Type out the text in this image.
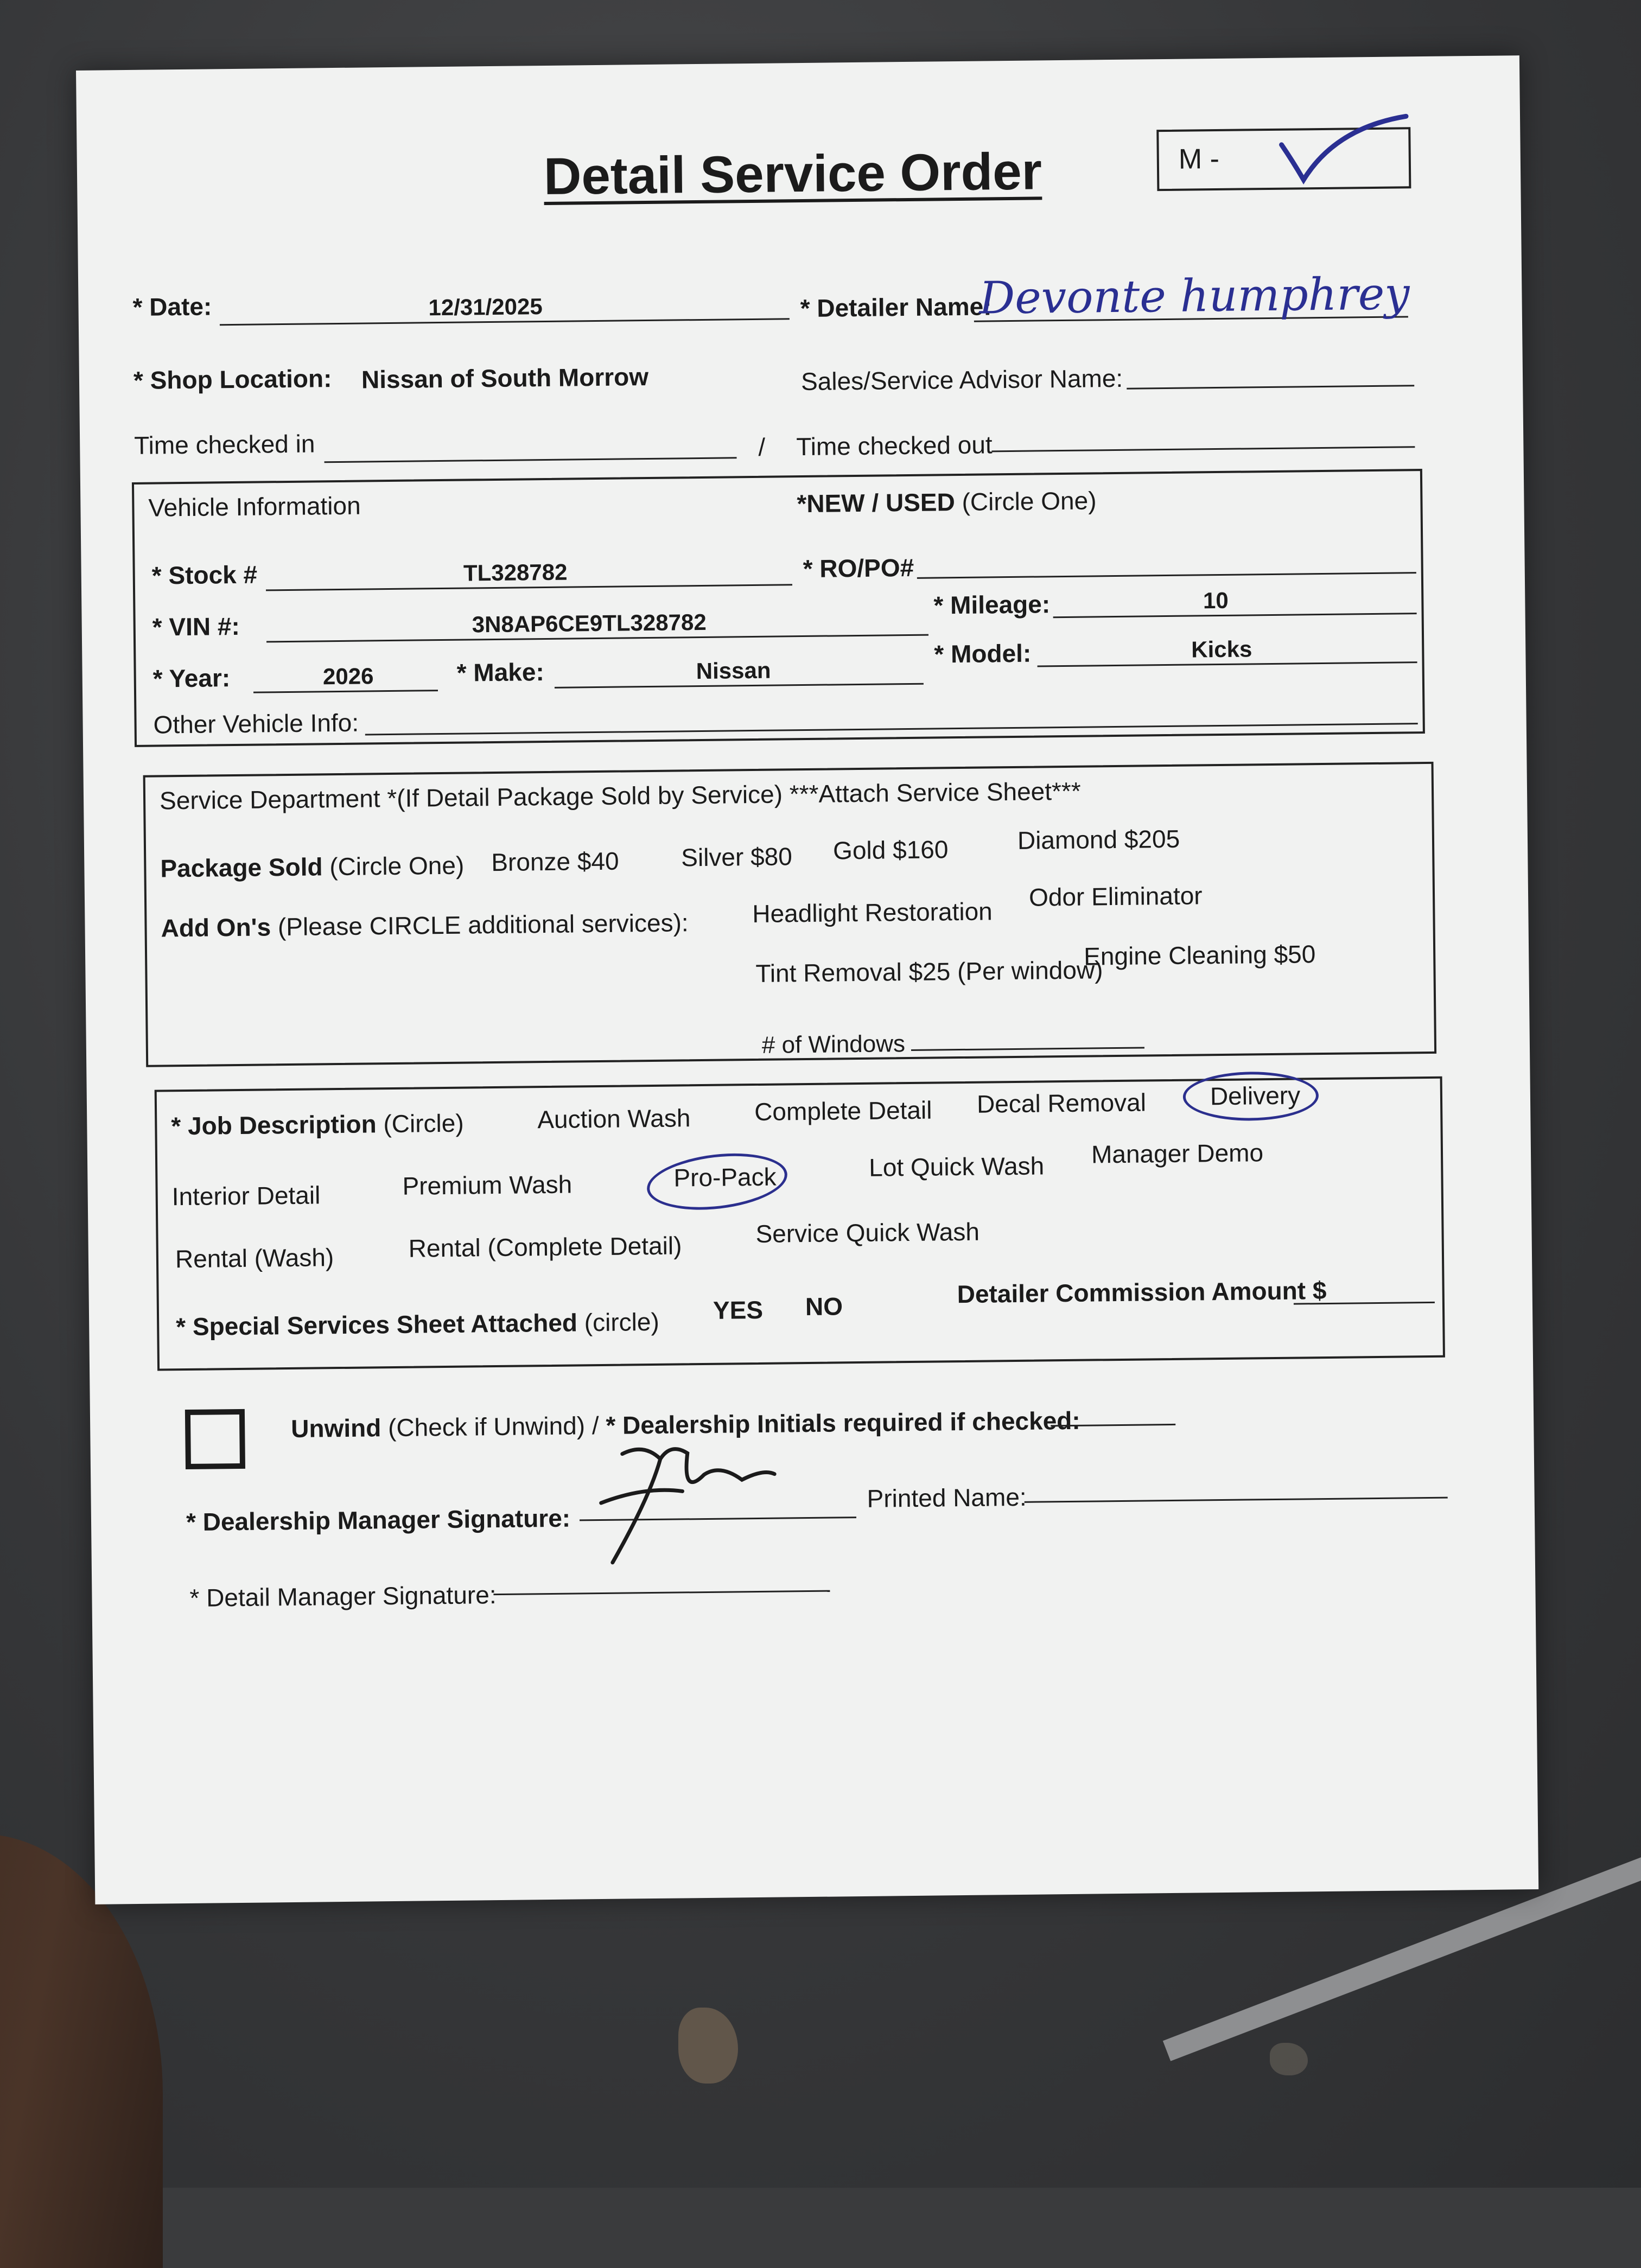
Detail Service Order	M -
* Date:	12/31/2025	* Detailer Name:
Devonte humphrey
* Shop Location: Nissan of South Morrow	Sales/Service Advisor Name:
Time checked in	/ Time checked out
Vehicle Information	*NEW / USED (Circle One)
* Stock #	TL328782	* RO/PO#
* VIN #:	3N8AP6CE9TL328782
* Mileage:	10
* Year:	2026	* Make:	Nissan
* Model:	Kicks
Other Vehicle Info:
Service Department *(If Detail Package Sold by Service) ***Attach Service Sheet***
Package Sold (Circle One) Bronze $40 Silver $80 Gold $160	Diamond $205
Add On's (Please CIRCLE additional services):	Headlight Restoration
Odor Eliminator
Tint Removal $25 (Per window)
Engine Cleaning $50
# of Windows
* Job Description (Circle)	Auction Wash	Complete Detail Decal Removal	Delivery
Interior Detail	Premium Wash	Pro-Pack	Lot Quick Wash Manager Demo
Rental (Wash)	Rental (Complete Detail)	Service Quick Wash
* Special Services Sheet Attached (circle) YES NO	Detailer Commission Amount $
Unwind (Check if Unwind) / * Dealership Initials required if checked:
* Dealership Manager Signature:
Printed Name:
* Detail Manager Signature:
